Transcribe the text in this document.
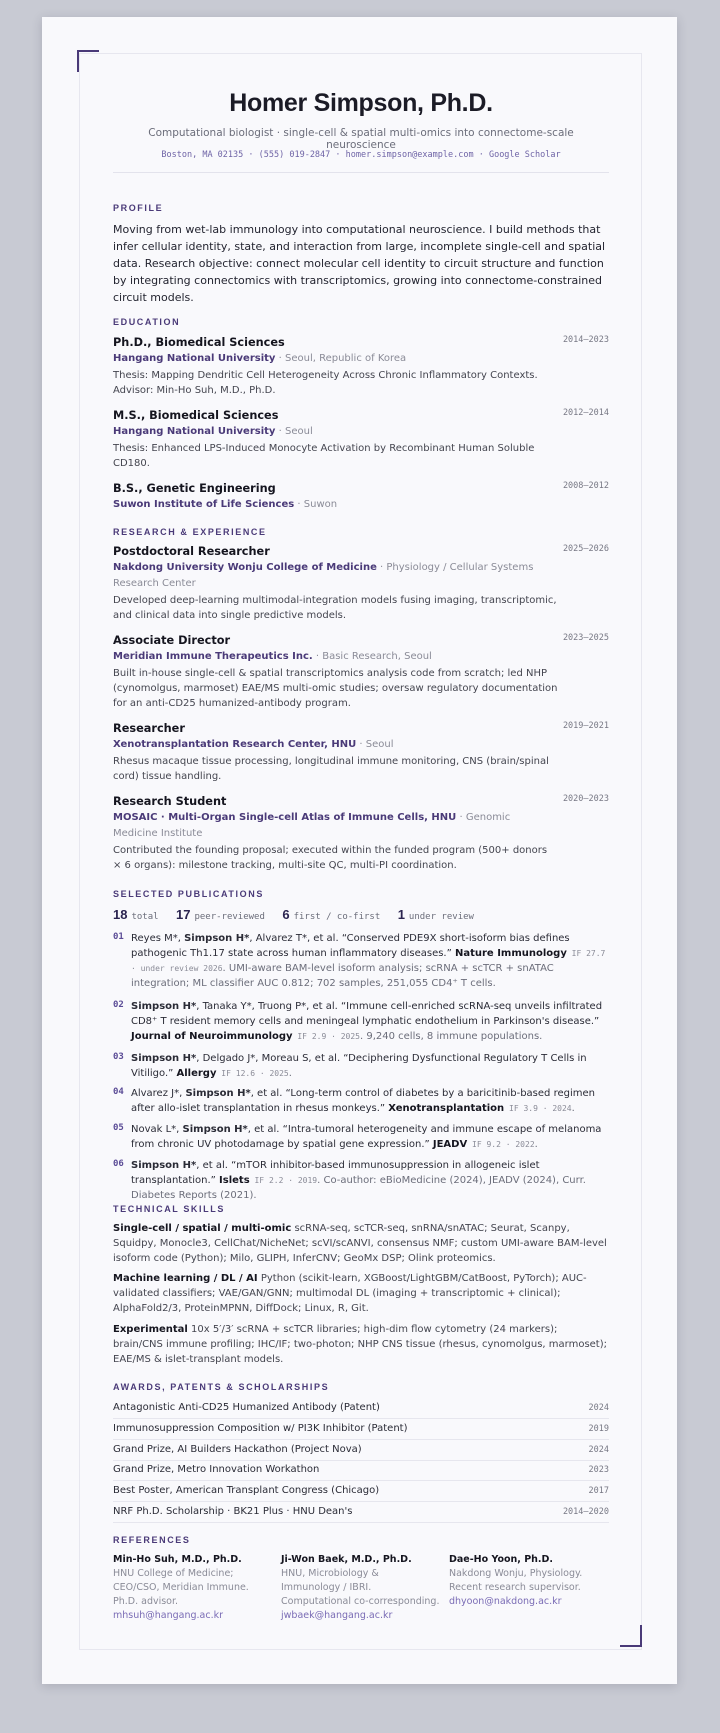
Homer Simpson, Ph.D.
Computational biologist · single-cell & spatial multi-omics into connectome-scale neuroscience
Boston, MA 02135 · (555) 019-2847 · homer.simpson@example.com · Google Scholar
PROFILE
Moving from wet-lab immunology into computational neuroscience. I build methods that infer cellular identity, state, and interaction from large, incomplete single-cell and spatial data. Research objective: connect molecular cell identity to circuit structure and function by integrating connectomics with transcriptomics, growing into connectome-constrained circuit models.
EDUCATION
Ph.D., Biomedical Sciences
Hangang National University · Seoul, Republic of Korea
Thesis: Mapping Dendritic Cell Heterogeneity Across Chronic Inflammatory Contexts. Advisor: Min-Ho Suh, M.D., Ph.D.
2014–2023
M.S., Biomedical Sciences
Hangang National University · Seoul
Thesis: Enhanced LPS-Induced Monocyte Activation by Recombinant Human Soluble CD180.
2012–2014
B.S., Genetic Engineering
Suwon Institute of Life Sciences · Suwon
2008–2012
RESEARCH & EXPERIENCE
Postdoctoral Researcher
Nakdong University Wonju College of Medicine · Physiology / Cellular Systems Research Center
Developed deep-learning multimodal-integration models fusing imaging, transcriptomic, and clinical data into single predictive models.
2025–2026
Associate Director
Meridian Immune Therapeutics Inc. · Basic Research, Seoul
Built in-house single-cell & spatial transcriptomics analysis code from scratch; led NHP (cynomolgus, marmoset) EAE/MS multi-omic studies; oversaw regulatory documentation for an anti-CD25 humanized-antibody program.
2023–2025
Researcher
Xenotransplantation Research Center, HNU · Seoul
Rhesus macaque tissue processing, longitudinal immune monitoring, CNS (brain/spinal cord) tissue handling.
2019–2021
Research Student
MOSAIC · Multi-Organ Single-cell Atlas of Immune Cells, HNU · Genomic Medicine Institute
Contributed the founding proposal; executed within the funded program (500+ donors × 6 organs): milestone tracking, multi-site QC, multi-PI coordination.
2020–2023
SELECTED PUBLICATIONS
18 total 17 peer-reviewed 6 first / co-first 1 under review
01 Reyes M*, Simpson H*, Alvarez T*, et al. “Conserved PDE9X short-isoform bias defines pathogenic Th1.17 state across human inflammatory diseases.” Nature Immunology IF 27.7 · under review 2026. UMI-aware BAM-level isoform analysis; scRNA + scTCR + snATAC integration; ML classifier AUC 0.812; 702 samples, 251,055 CD4⁺ T cells.
02 Simpson H*, Tanaka Y*, Truong P*, et al. “Immune cell-enriched scRNA-seq unveils infiltrated CD8⁺ T resident memory cells and meningeal lymphatic endothelium in Parkinson's disease.” Journal of Neuroimmunology IF 2.9 · 2025. 9,240 cells, 8 immune populations.
03 Simpson H*, Delgado J*, Moreau S, et al. “Deciphering Dysfunctional Regulatory T Cells in Vitiligo.” Allergy IF 12.6 · 2025.
04 Alvarez J*, Simpson H*, et al. “Long-term control of diabetes by a baricitinib-based regimen after allo-islet transplantation in rhesus monkeys.” Xenotransplantation IF 3.9 · 2024.
05 Novak L*, Simpson H*, et al. “Intra-tumoral heterogeneity and immune escape of melanoma from chronic UV photodamage by spatial gene expression.” JEADV IF 9.2 · 2022.
06 Simpson H*, et al. “mTOR inhibitor-based immunosuppression in allogeneic islet transplantation.” Islets IF 2.2 · 2019. Co-author: eBioMedicine (2024), JEADV (2024), Curr. Diabetes Reports (2021).
TECHNICAL SKILLS
Single-cell / spatial / multi-omic scRNA-seq, scTCR-seq, snRNA/snATAC; Seurat, Scanpy, Squidpy, Monocle3, CellChat/NicheNet; scVI/scANVI, consensus NMF; custom UMI-aware BAM-level isoform code (Python); Milo, GLIPH, InferCNV; GeoMx DSP; Olink proteomics.
Machine learning / DL / AI Python (scikit-learn, XGBoost/LightGBM/CatBoost, PyTorch); AUC-validated classifiers; VAE/GAN/GNN; multimodal DL (imaging + transcriptomic + clinical); AlphaFold2/3, ProteinMPNN, DiffDock; Linux, R, Git.
Experimental 10x 5′/3′ scRNA + scTCR libraries; high-dim flow cytometry (24 markers); brain/CNS immune profiling; IHC/IF; two-photon; NHP CNS tissue (rhesus, cynomolgus, marmoset); EAE/MS & islet-transplant models.
AWARDS, PATENTS & SCHOLARSHIPS
Antagonistic Anti-CD25 Humanized Antibody (Patent)	2024
Immunosuppression Composition w/ PI3K Inhibitor (Patent)	2019
Grand Prize, AI Builders Hackathon (Project Nova)	2024
Grand Prize, Metro Innovation Workathon	2023
Best Poster, American Transplant Congress (Chicago)	2017
NRF Ph.D. Scholarship · BK21 Plus · HNU Dean's	2014–2020
REFERENCES
Min-Ho Suh, M.D., Ph.D.
HNU College of Medicine; CEO/CSO, Meridian Immune. Ph.D. advisor.
mhsuh@hangang.ac.kr
Ji-Won Baek, M.D., Ph.D.
HNU, Microbiology & Immunology / IBRI. Computational co-corresponding.
jwbaek@hangang.ac.kr
Dae-Ho Yoon, Ph.D.
Nakdong Wonju, Physiology. Recent research supervisor.
dhyoon@nakdong.ac.kr
